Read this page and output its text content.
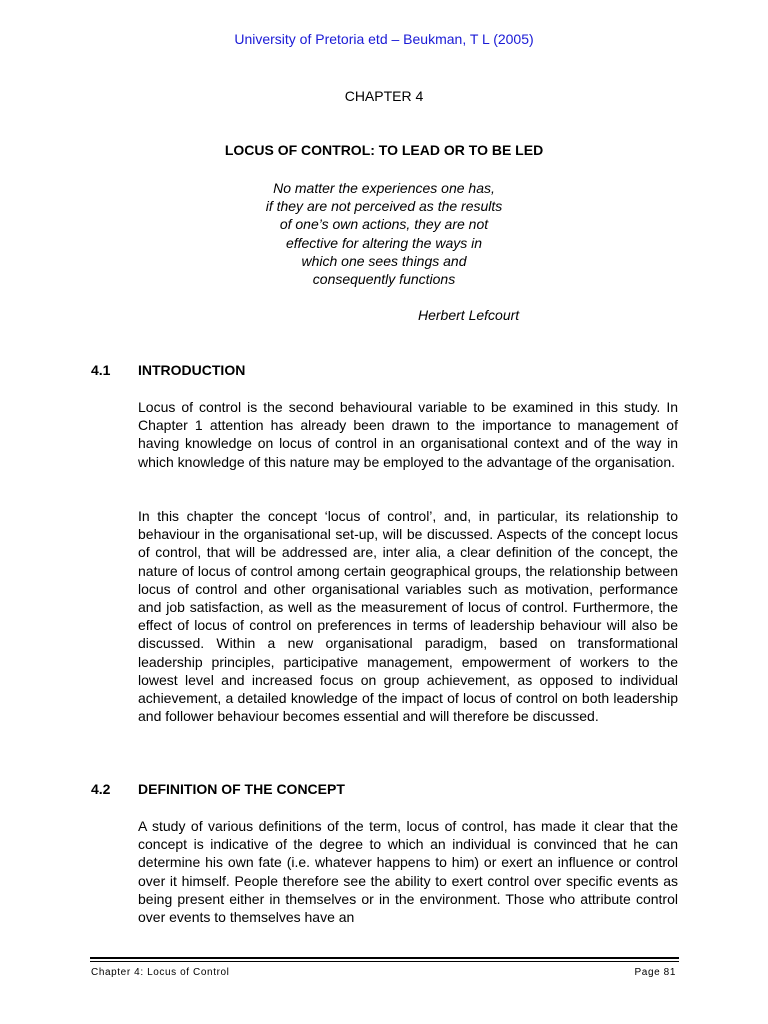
University of Pretoria etd – Beukman, T L (2005)
CHAPTER 4
LOCUS OF CONTROL: TO LEAD OR TO BE LED
No matter the experiences one has,
if they are not perceived as the results
of one’s own actions, they are not
effective for altering the ways in
which one sees things and
consequently functions
Herbert Lefcourt
4.1 INTRODUCTION

Locus of control is the second behavioural variable to be examined in this study. In Chapter 1 attention has already been drawn to the importance to management of having knowledge on locus of control in an organisational context and of the way in which knowledge of this nature may be employed to the advantage of the organisation.

In this chapter the concept ‘locus of control’, and, in particular, its relationship to behaviour in the organisational set-up, will be discussed. Aspects of the concept locus of control, that will be addressed are, inter alia, a clear definition of the concept, the nature of locus of control among certain geographical groups, the relationship between locus of control and other organisational variables such as motivation, performance and job satisfaction, as well as the measurement of locus of control. Furthermore, the effect of locus of control on preferences in terms of leadership behaviour will also be discussed. Within a new organisational paradigm, based on transformational leadership principles, participative management, empowerment of workers to the lowest level and increased focus on group achievement, as opposed to individual achievement, a detailed knowledge of the impact of locus of control on both leadership and follower behaviour becomes essential and will therefore be discussed.

4.2 DEFINITION OF THE CONCEPT

A study of various definitions of the term, locus of control, has made it clear that the concept is indicative of the degree to which an individual is convinced that he can determine his own fate (i.e. whatever happens to him) or exert an influence or control over it himself. People therefore see the ability to exert control over specific events as being present either in themselves or in the environment. Those who attribute control over events to themselves have an

Chapter 4: Locus of Control	Page 81
